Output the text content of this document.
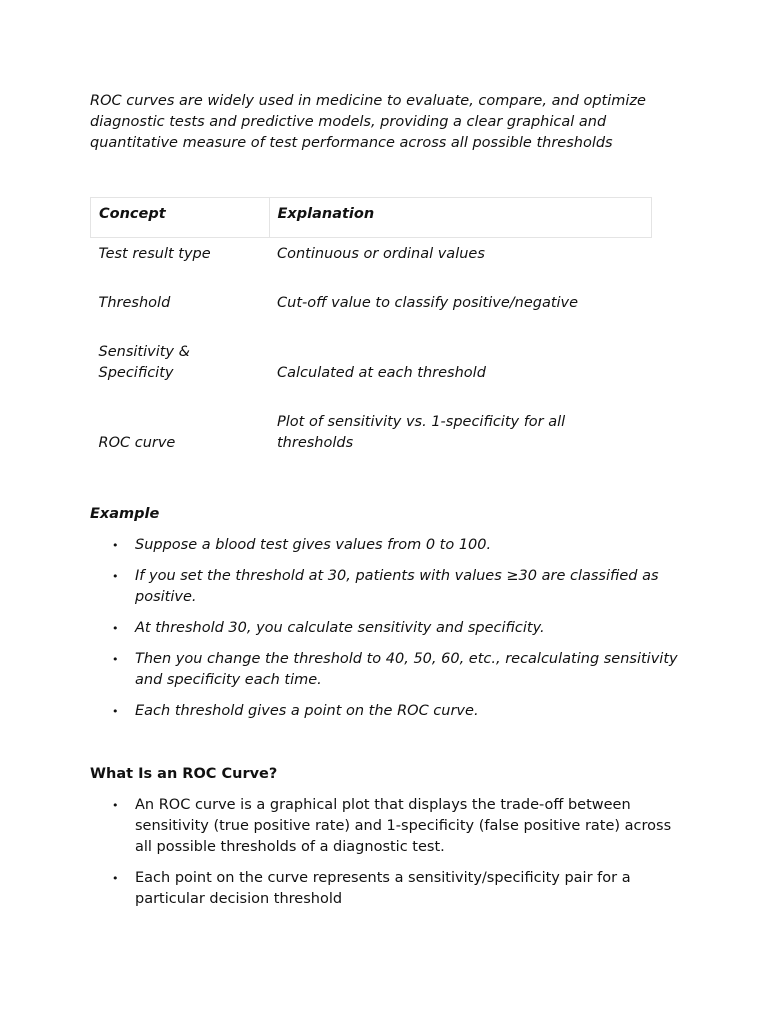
ROC curves are widely used in medicine to evaluate, compare, and optimize diagnostic tests and predictive models, providing a clear graphical and quantitative measure of test performance across all possible thresholds

Concept	Explanation
Test result type	Continuous or ordinal values
Threshold	Cut-off value to classify positive/negative
Sensitivity & Specificity	Calculated at each threshold
ROC curve	Plot of sensitivity vs. 1-specificity for all thresholds

Example

• Suppose a blood test gives values from 0 to 100.
• If you set the threshold at 30, patients with values ≥30 are classified as positive.
• At threshold 30, you calculate sensitivity and specificity.
• Then you change the threshold to 40, 50, 60, etc., recalculating sensitivity and specificity each time.
• Each threshold gives a point on the ROC curve.

What Is an ROC Curve?

• An ROC curve is a graphical plot that displays the trade-off between sensitivity (true positive rate) and 1-specificity (false positive rate) across all possible thresholds of a diagnostic test.
• Each point on the curve represents a sensitivity/specificity pair for a particular decision threshold
